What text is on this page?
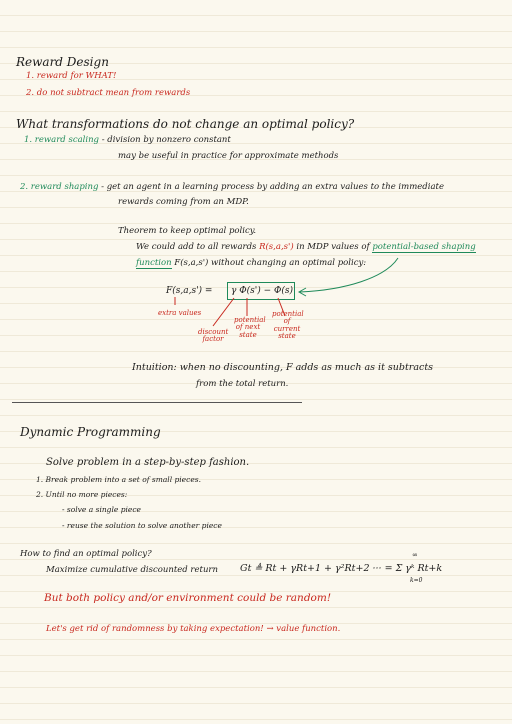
Reward Design
1. reward for WHAT!
2. do not subtract mean from rewards
What transformations do not change an optimal policy?
1. reward scaling - division by nonzero constant
may be useful in practice for approximate methods
2. reward shaping - get an agent in a learning process by adding an extra values to the immediate
rewards coming from an MDP.
Theorem to keep optimal policy.
We could add to all rewards R(s,a,s') in MDP values of potential-based shaping
function F(s,a,s') without changing an optimal policy:
F(s,a,s') = γ Φ(s') − Φ(s)
extra values
potential of next state
potential of current state
discount factor
Intuition: when no discounting, F adds as much as it subtracts
from the total return.
Dynamic Programming
Solve problem in a step-by-step fashion.
1. Break problem into a set of small pieces.
2. Until no more pieces:
- solve a single piece
- reuse the solution to solve another piece
How to find an optimal policy?
Maximize cumulative discounted return Gt ≜ Rt + γRt+1 + γ²Rt+2 ··· = Σ γᵏ Rt+k
∞
k=0
But both policy and/or environment could be random!
Let's get rid of randomness by taking expectation! → value function.
